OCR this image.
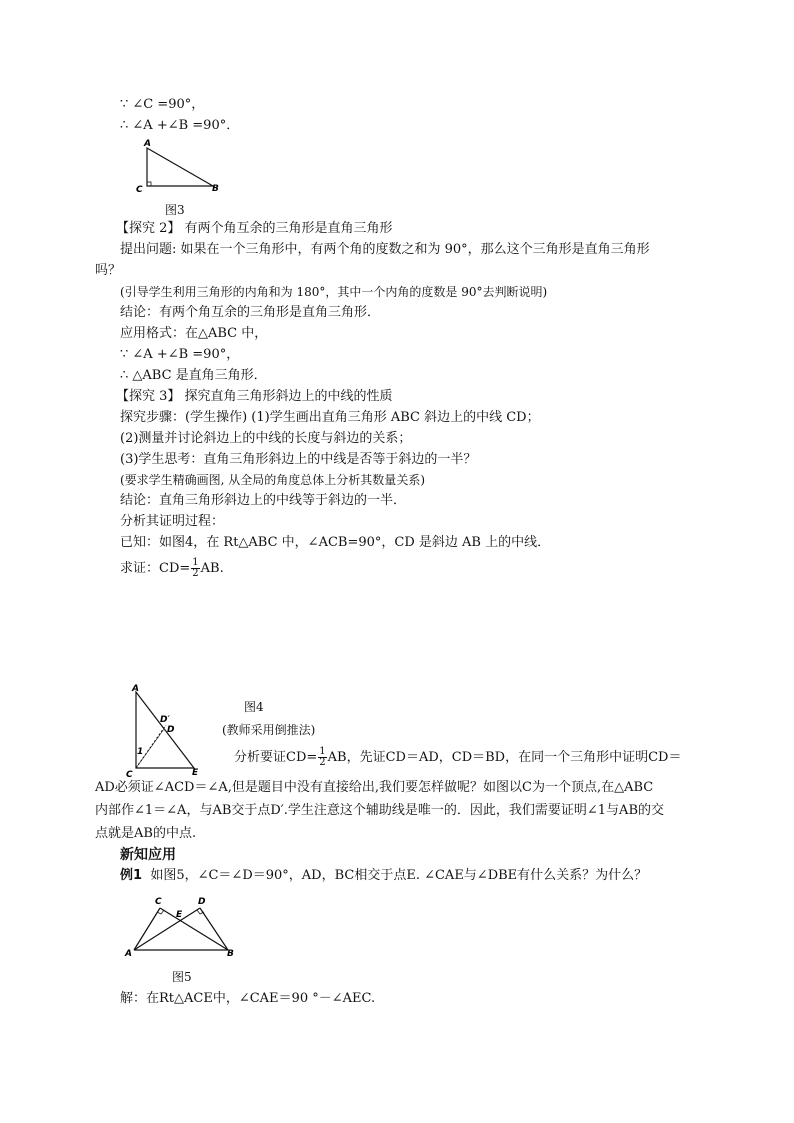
∵ ∠C =90°，
∴ ∠A +∠B =90°．
A
C	B
图3
【探究 2】 有两个角互余的三角形是直角三角形
提出问题: 如果在一个三角形中，有两个角的度数之和为 90°，那么这个三角形是直角三角形
吗？
(引导学生利用三角形的内角和为 180°，其中一个内角的度数是 90°去判断说明)
结论：有两个角互余的三角形是直角三角形．
应用格式：在△ABC 中，
∵ ∠A +∠B =90°，
∴ △ABC 是直角三角形．
【探究 3】 探究直角三角形斜边上的中线的性质
探究步骤：(学生操作) (1)学生画出直角三角形 ABC 斜边上的中线 CD；
(2)测量并讨论斜边上的中线的长度与斜边的关系；
(3)学生思考：直角三角形斜边上的中线是否等于斜边的一半？
(要求学生精确画图, 从全局的角度总体上分析其数量关系)
结论：直角三角形斜边上的中线等于斜边的一半．
分析其证明过程：
已知：如图4，在 Rt△ABC 中，∠ACB=90°，CD 是斜边 AB 上的中线．
求证：$CD= \frac{1}{2}$ AB.
A
D′
D
1
C	E
图4
(教师采用倒推法)
分析要证$CD= \frac{1}{2}$ AB，先证CD＝AD，CD＝BD，在同一个三角形中证明CD＝
AD必须证∠ACD＝∠A,但是题目中没有直接给出,我们要怎样做呢？如图以C为一个顶点,在△ABC
内部作∠1＝∠A，与AB交于点D′.学生注意这个辅助线是唯一的．因此，我们需要证明∠1与AB的交
点就是AB的中点.
新知应用
例1 如图5，∠C＝∠D＝90°，AD，BC相交于点E. ∠CAE与∠DBE有什么关系？为什么？
C	D
E
A	B
图5
解：在Rt△ACE中，∠CAE＝90 °－∠AEC.
